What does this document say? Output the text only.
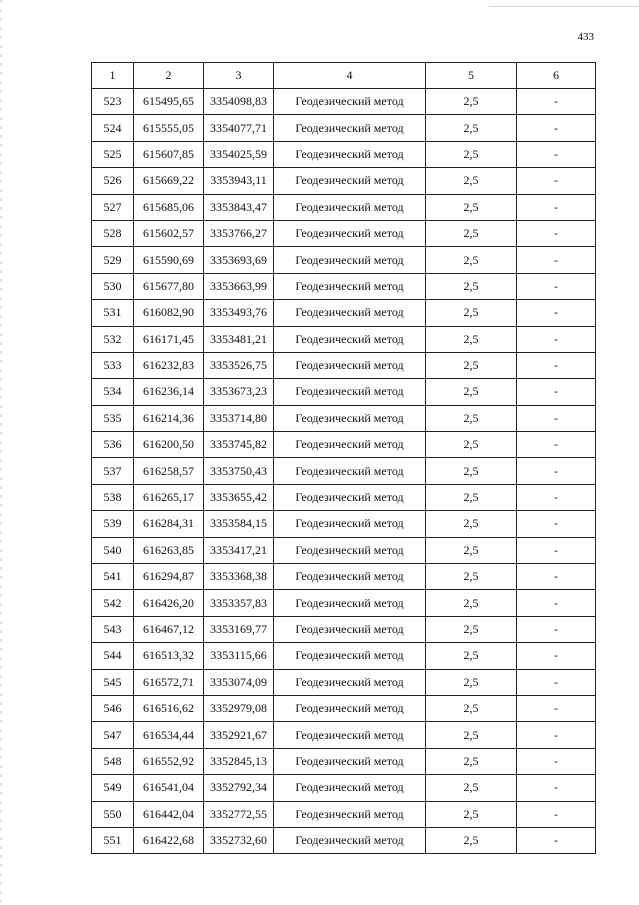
433
1	2	3	4	5	6
523	615495,65	3354098,83	Геодезический метод	2,5	-
524	615555,05	3354077,71	Геодезический метод	2,5	-
525	615607,85	3354025,59	Геодезический метод	2,5	-
526	615669,22	3353943,11	Геодезический метод	2,5	-
527	615685,06	3353843,47	Геодезический метод	2,5	-
528	615602,57	3353766,27	Геодезический метод	2,5	-
529	615590,69	3353693,69	Геодезический метод	2,5	-
530	615677,80	3353663,99	Геодезический метод	2,5	-
531	616082,90	3353493,76	Геодезический метод	2,5	-
532	616171,45	3353481,21	Геодезический метод	2,5	-
533	616232,83	3353526,75	Геодезический метод	2,5	-
534	616236,14	3353673,23	Геодезический метод	2,5	-
535	616214,36	3353714,80	Геодезический метод	2,5	-
536	616200,50	3353745,82	Геодезический метод	2,5	-
537	616258,57	3353750,43	Геодезический метод	2,5	-
538	616265,17	3353655,42	Геодезический метод	2,5	-
539	616284,31	3353584,15	Геодезический метод	2,5	-
540	616263,85	3353417,21	Геодезический метод	2,5	-
541	616294,87	3353368,38	Геодезический метод	2,5	-
542	616426,20	3353357,83	Геодезический метод	2,5	-
543	616467,12	3353169,77	Геодезический метод	2,5	-
544	616513,32	3353115,66	Геодезический метод	2,5	-
545	616572,71	3353074,09	Геодезический метод	2,5	-
546	616516,62	3352979,08	Геодезический метод	2,5	-
547	616534,44	3352921,67	Геодезический метод	2,5	-
548	616552,92	3352845,13	Геодезический метод	2,5	-
549	616541,04	3352792,34	Геодезический метод	2,5	-
550	616442,04	3352772,55	Геодезический метод	2,5	-
551	616422,68	3352732,60	Геодезический метод	2,5	-
